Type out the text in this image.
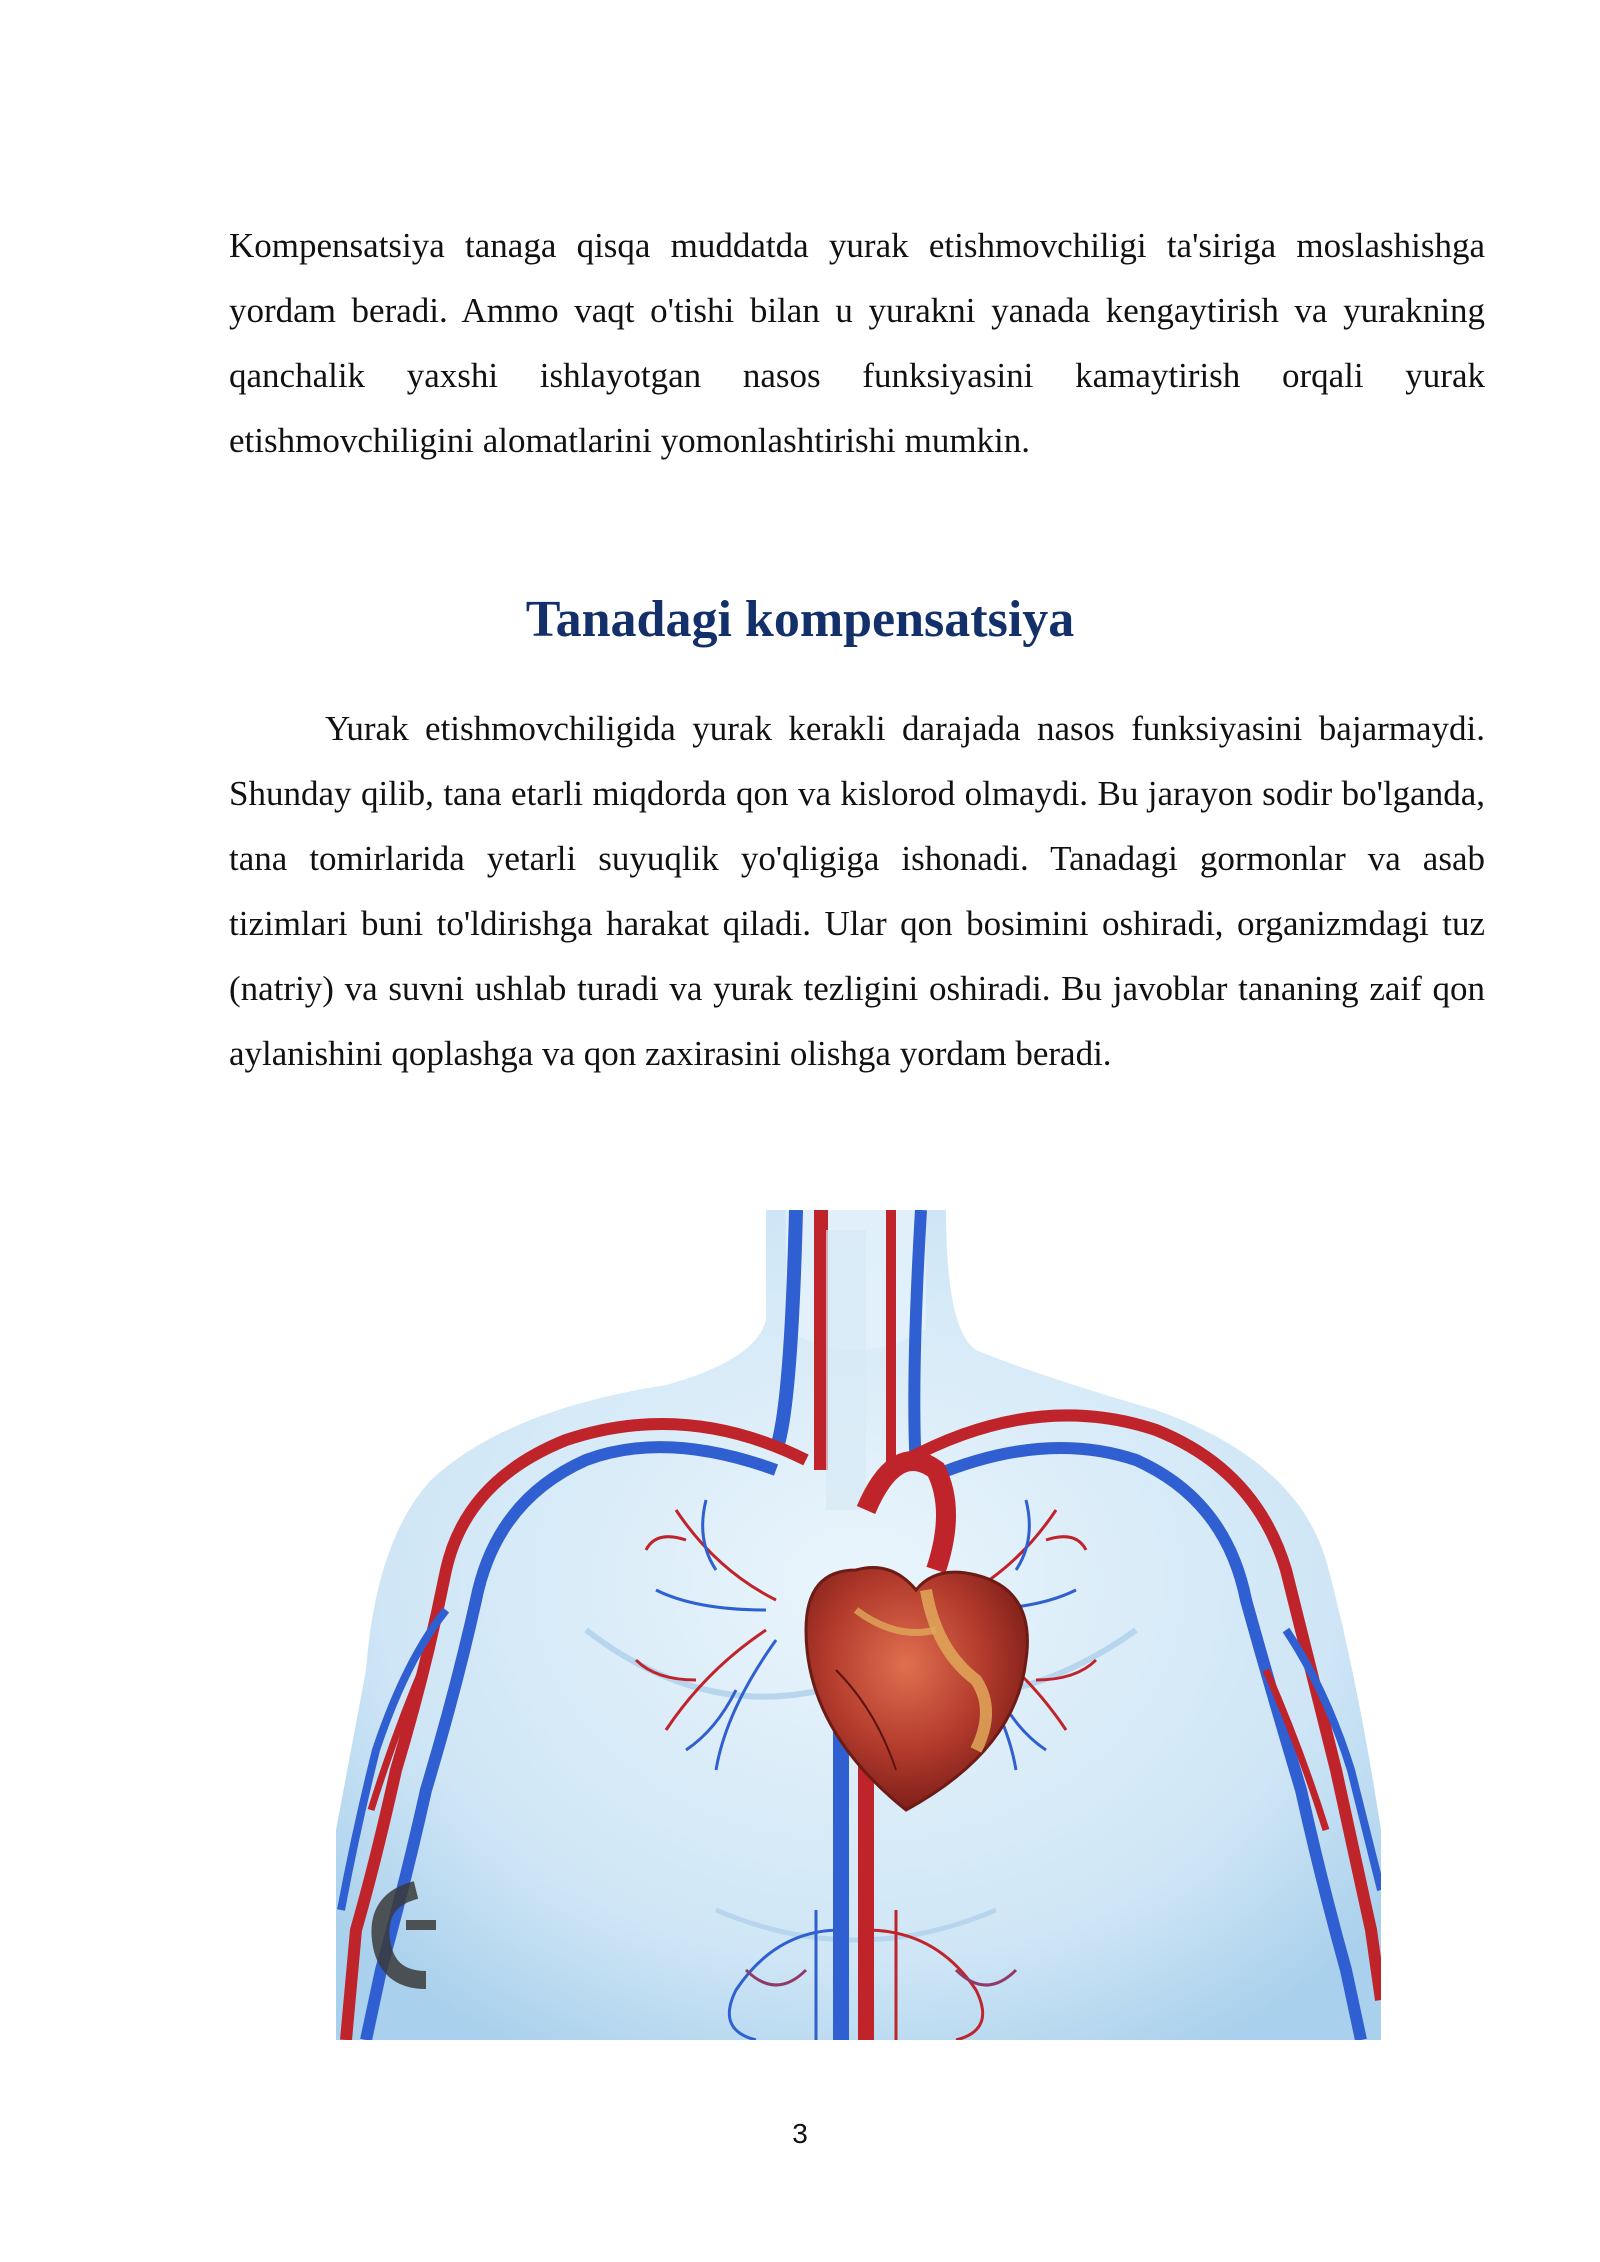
Kompensatsiya tanaga qisqa muddatda yurak etishmovchiligi ta'siriga moslashishga yordam beradi. Ammo vaqt o'tishi bilan u yurakni yanada kengaytirish va yurakning qanchalik yaxshi ishlayotgan nasos funksiyasini kamaytirish orqali yurak etishmovchiligini alomatlarini yomonlashtirishi mumkin.

Tanadagi kompensatsiya

Yurak etishmovchiligida yurak kerakli darajada nasos funksiyasini bajarmaydi. Shunday qilib, tana etarli miqdorda qon va kislorod olmaydi. Bu jarayon sodir bo'lganda, tana tomirlarida yetarli suyuqlik yo'qligiga ishonadi. Tanadagi gormonlar va asab tizimlari buni to'ldirishga harakat qiladi. Ular qon bosimini oshiradi, organizmdagi tuz (natriy) va suvni ushlab turadi va yurak tezligini oshiradi. Bu javoblar tananing zaif qon aylanishini qoplashga va qon zaxirasini olishga yordam beradi.

3
